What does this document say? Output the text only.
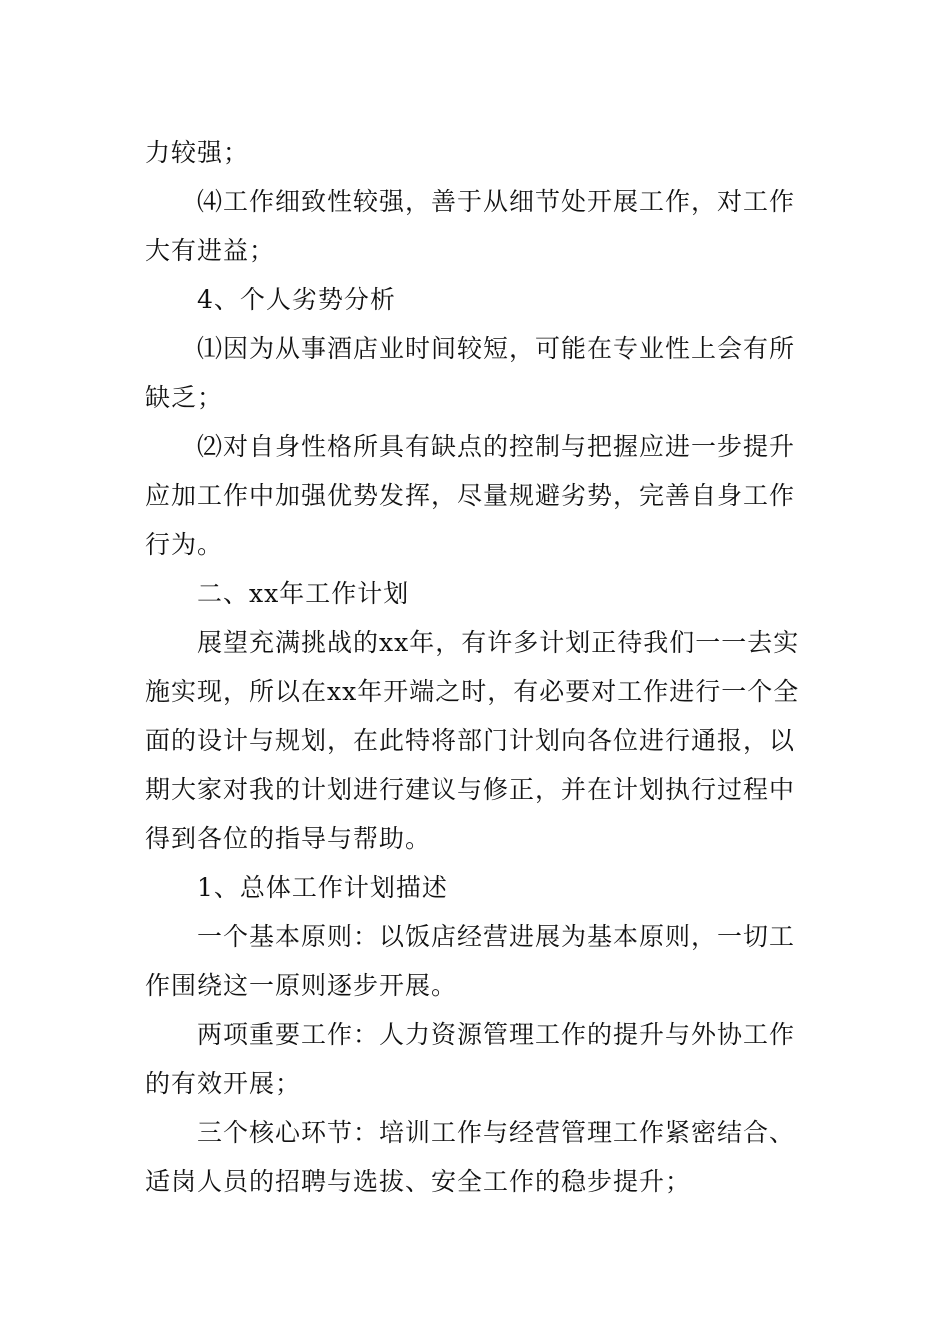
力较强；

⑷工作细致性较强，善于从细节处开展工作，对工作大有进益；

4、个人劣势分析

⑴因为从事酒店业时间较短，可能在专业性上会有所缺乏；

⑵对自身性格所具有缺点的控制与把握应进一步提升应加工作中加强优势发挥，尽量规避劣势，完善自身工作行为。

二、xx年工作计划

展望充满挑战的xx年，有许多计划正待我们一一去实施实现，所以在xx年开端之时，有必要对工作进行一个全面的设计与规划，在此特将部门计划向各位进行通报，以期大家对我的计划进行建议与修正，并在计划执行过程中得到各位的指导与帮助。

1、总体工作计划描述

一个基本原则：以饭店经营进展为基本原则，一切工作围绕这一原则逐步开展。

两项重要工作：人力资源管理工作的提升与外协工作的有效开展；

三个核心环节：培训工作与经营管理工作紧密结合、适岗人员的招聘与选拔、安全工作的稳步提升；
